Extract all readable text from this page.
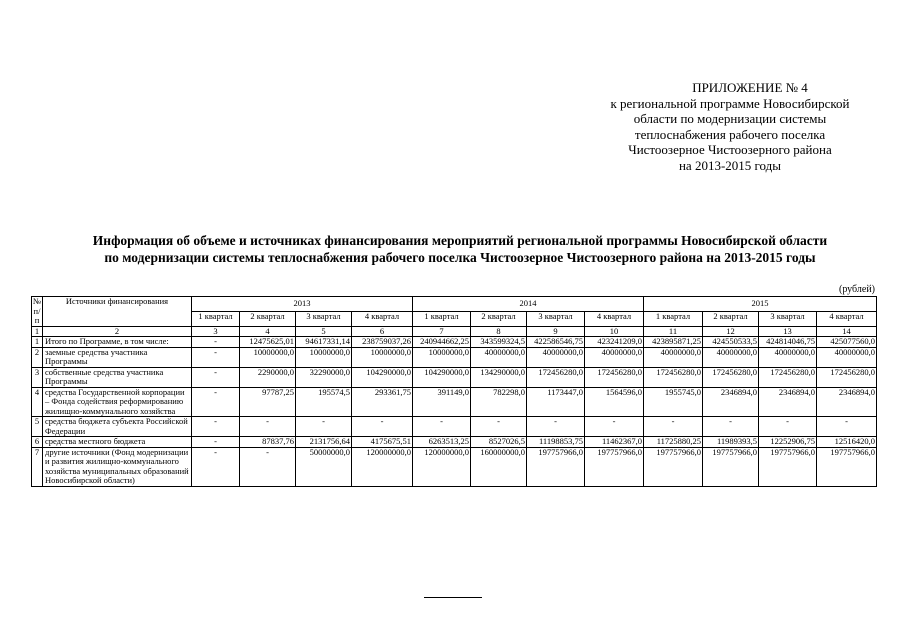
ПРИЛОЖЕНИЕ № 4
к региональной программе Новосибирской
области по модернизации системы
теплоснабжения рабочего поселка
Чистоозерное Чистоозерного района
на 2013-2015 годы
Информация об объеме и источниках финансирования мероприятий региональной программы Новосибирской области
по модернизации системы теплоснабжения рабочего поселка Чистоозерное Чистоозерного района на 2013-2015 годы
(рублей)
№ п/п	Источники финансирования	2013				2014				2015			
		1 квартал	2 квартал	3 квартал	4 квартал	1 квартал	2 квартал	3 квартал	4 квартал	1 квартал	2 квартал	3 квартал	4 квартал
1	2	3	4	5	6	7	8	9	10	11	12	13	14
1	Итого по Программе, в том числе:	-	12475625,01	94617331,14	238759037,26	240944662,25	343599324,5	422586546,75	423241209,0	423895871,25	424550533,5	424814046,75	425077560,0
2	заемные средства участника Программы	-	10000000,0	10000000,0	10000000,0	10000000,0	40000000,0	40000000,0	40000000,0	40000000,0	40000000,0	40000000,0	40000000,0
3	собственные средства участника Программы	-	2290000,0	32290000,0	104290000,0	104290000,0	134290000,0	172456280,0	172456280,0	172456280,0	172456280,0	172456280,0	172456280,0
4	средства Государственной корпорации – Фонда содействия реформированию жилищно-коммунального хозяйства	-	97787,25	195574,5	293361,75	391149,0	782298,0	1173447,0	1564596,0	1955745,0	2346894,0	2346894,0	2346894,0
5	средства бюджета субъекта Российской Федерации	-	-	-	-	-	-	-	-	-	-	-	-
6	средства местного бюджета	-	87837,76	2131756,64	4175675,51	6263513,25	8527026,5	11198853,75	11462367,0	11725880,25	11989393,5	12252906,75	12516420,0
7	другие источники (Фонд модернизации и развития жилищно-коммунального хозяйства муниципальных образований Новосибирской области)	-	-	50000000,0	120000000,0	120000000,0	160000000,0	197757966,0	197757966,0	197757966,0	197757966,0	197757966,0	197757966,0
